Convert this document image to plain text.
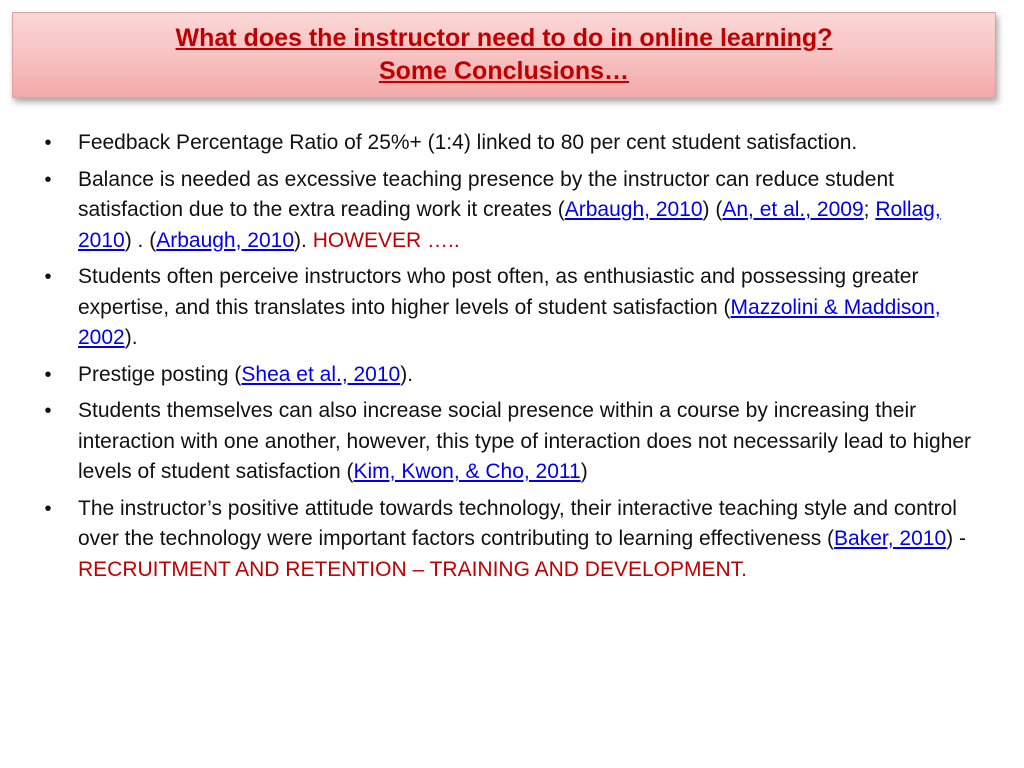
What does the instructor need to do in online learning?
Some Conclusions…
• Feedback Percentage Ratio of 25%+ (1:4) linked to 80 per cent student satisfaction.
• Balance is needed as excessive teaching presence by the instructor can reduce student satisfaction due to the extra reading work it creates (Arbaugh, 2010) (An, et al., 2009; Rollag, 2010) . (Arbaugh, 2010). HOWEVER …..
• Students often perceive instructors who post often, as enthusiastic and possessing greater expertise, and this translates into higher levels of student satisfaction (Mazzolini & Maddison, 2002).
• Prestige posting (Shea et al., 2010).
• Students themselves can also increase social presence within a course by increasing their interaction with one another, however, this type of interaction does not necessarily lead to higher levels of student satisfaction (Kim, Kwon, & Cho, 2011)
• The instructor’s positive attitude towards technology, their interactive teaching style and control over the technology were important factors contributing to learning effectiveness (Baker, 2010) - RECRUITMENT AND RETENTION – TRAINING AND DEVELOPMENT.
